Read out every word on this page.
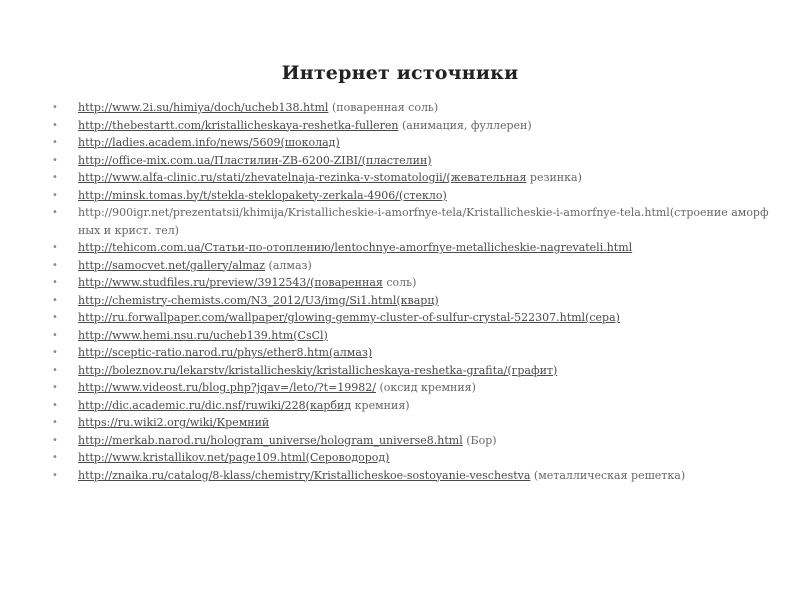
Интернет источники
• http://www.2i.su/himiya/doch/ucheb138.html (поваренная соль)
• http://thebestartt.com/kristallicheskaya-reshetka-fulleren (анимация, фуллерен)
• http://ladies.academ.info/news/5609(шоколад)
• http://office-mix.com.ua/Пластилин-ZB-6200-ZIBI/(пластелин)
• http://www.alfa-clinic.ru/stati/zhevatelnaja-rezinka-v-stomatologii/(жевательная резинка)
• http://minsk.tomas.by/t/stekla-steklopakety-zerkala-4906/(стекло)
• http://900igr.net/prezentatsii/khimija/Kristallicheskie-i-amorfnye-tela/Kristallicheskie-i-amorfnye-tela.html(строение аморфных и крист. тел)
• http://tehicom.com.ua/Статьи-по-отоплению/lentochnye-amorfnye-metallicheskie-nagrevateli.html
• http://samocvet.net/gallery/almaz (алмаз)
• http://www.studfiles.ru/preview/3912543/(поваренная соль)
• http://chemistry-chemists.com/N3_2012/U3/img/Si1.html(кварц)
• http://ru.forwallpaper.com/wallpaper/glowing-gemmy-cluster-of-sulfur-crystal-522307.html(сера)
• http://www.hemi.nsu.ru/ucheb139.htm(CsCl)
• http://sceptic-ratio.narod.ru/phys/ether8.htm(алмаз)
• http://boleznov.ru/lekarstv/kristallicheskiy/kristallicheskaya-reshetka-grafita/(графит)
• http://www.videost.ru/blog.php?jqav=/leto/?t=19982/ (оксид кремния)
• http://dic.academic.ru/dic.nsf/ruwiki/228(карбид кремния)
• https://ru.wiki2.org/wiki/Кремний
• http://merkab.narod.ru/hologram_universe/hologram_universe8.html (Бор)
• http://www.kristallikov.net/page109.html(Сероводород)
• http://znaika.ru/catalog/8-klass/chemistry/Kristallicheskoe-sostoyanie-veschestva (металлическая решетка)
